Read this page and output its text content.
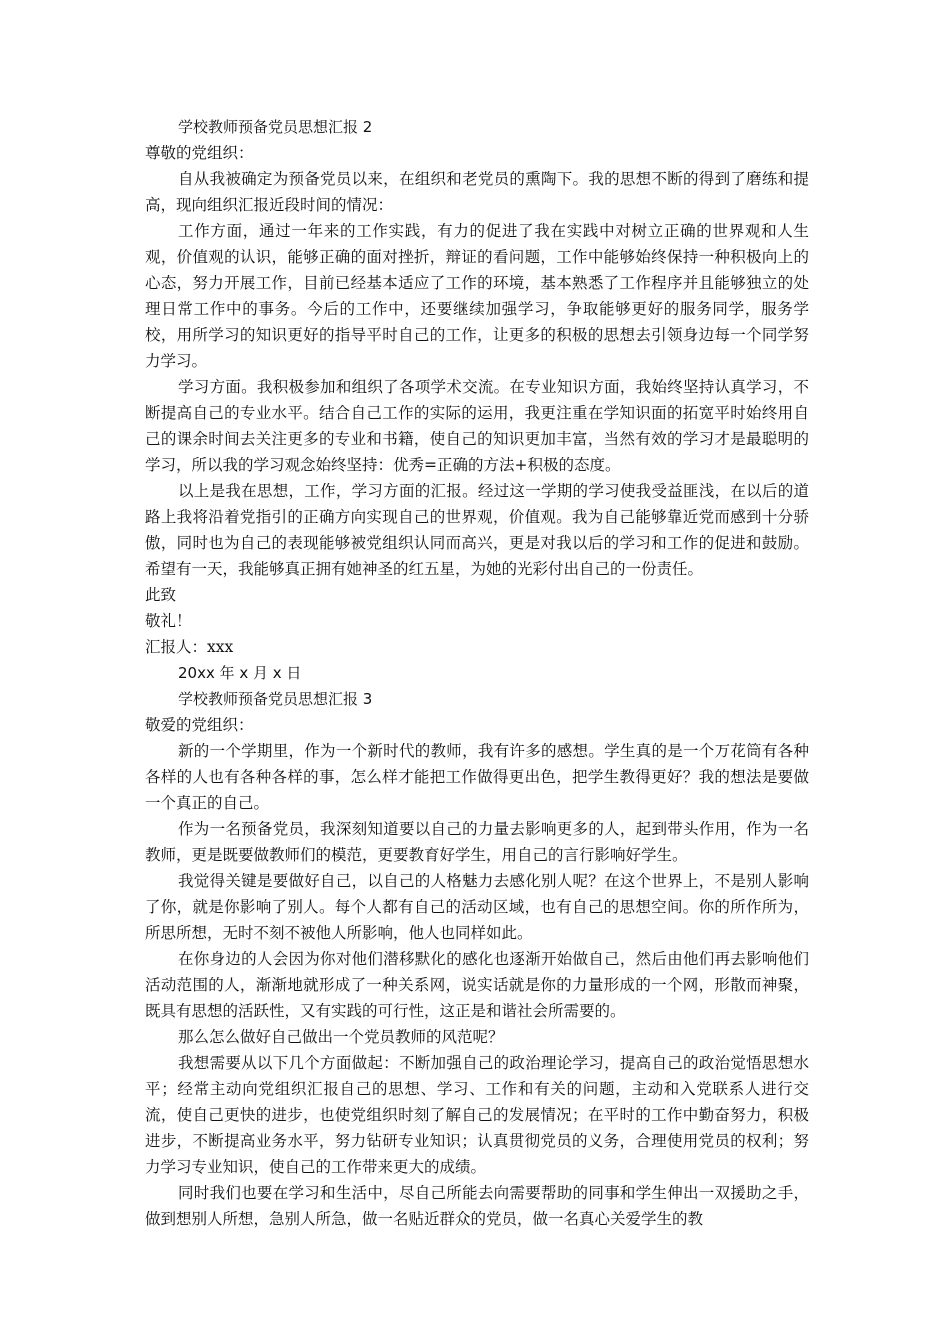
学校教师预备党员思想汇报 2

尊敬的党组织：

自从我被确定为预备党员以来，在组织和老党员的熏陶下。我的思想不断的得到了磨练和提高，现向组织汇报近段时间的情况：

工作方面，通过一年来的工作实践，有力的促进了我在实践中对树立正确的世界观和人生观，价值观的认识，能够正确的面对挫折，辩证的看问题，工作中能够始终保持一种积极向上的心态，努力开展工作，目前已经基本适应了工作的环境，基本熟悉了工作程序并且能够独立的处理日常工作中的事务。今后的工作中，还要继续加强学习，争取能够更好的服务同学，服务学校，用所学习的知识更好的指导平时自己的工作，让更多的积极的思想去引领身边每一个同学努力学习。

学习方面。我积极参加和组织了各项学术交流。在专业知识方面，我始终坚持认真学习，不断提高自己的专业水平。结合自己工作的实际的运用，我更注重在学知识面的拓宽平时始终用自己的课余时间去关注更多的专业和书籍，使自己的知识更加丰富，当然有效的学习才是最聪明的学习，所以我的学习观念始终坚持：优秀=正确的方法+积极的态度。

以上是我在思想，工作，学习方面的汇报。经过这一学期的学习使我受益匪浅，在以后的道路上我将沿着党指引的正确方向实现自己的世界观，价值观。我为自己能够靠近党而感到十分骄傲，同时也为自己的表现能够被党组织认同而高兴，更是对我以后的学习和工作的促进和鼓励。希望有一天，我能够真正拥有她神圣的红五星，为她的光彩付出自己的一份责任。

此致

敬礼！

汇报人：xxx

20xx 年 x 月 x 日

学校教师预备党员思想汇报 3

敬爱的党组织：

新的一个学期里，作为一个新时代的教师，我有许多的感想。学生真的是一个万花筒有各种各样的人也有各种各样的事，怎么样才能把工作做得更出色，把学生教得更好？我的想法是要做一个真正的自己。

作为一名预备党员，我深刻知道要以自己的力量去影响更多的人，起到带头作用，作为一名教师，更是既要做教师们的模范，更要教育好学生，用自己的言行影响好学生。

我觉得关键是要做好自己，以自己的人格魅力去感化别人呢？在这个世界上，不是别人影响了你，就是你影响了别人。每个人都有自己的活动区域，也有自己的思想空间。你的所作所为，所思所想，无时不刻不被他人所影响，他人也同样如此。

在你身边的人会因为你对他们潜移默化的感化也逐渐开始做自己，然后由他们再去影响他们活动范围的人，渐渐地就形成了一种关系网，说实话就是你的力量形成的一个网，形散而神聚，既具有思想的活跃性，又有实践的可行性，这正是和谐社会所需要的。

那么怎么做好自己做出一个党员教师的风范呢？

我想需要从以下几个方面做起：不断加强自己的政治理论学习，提高自己的政治觉悟思想水平；经常主动向党组织汇报自己的思想、学习、工作和有关的问题，主动和入党联系人进行交流，使自己更快的进步，也使党组织时刻了解自己的发展情况；在平时的工作中勤奋努力，积极进步，不断提高业务水平，努力钻研专业知识；认真贯彻党员的义务，合理使用党员的权利；努力学习专业知识，使自己的工作带来更大的成绩。

同时我们也要在学习和生活中，尽自己所能去向需要帮助的同事和学生伸出一双援助之手，做到想别人所想，急别人所急，做一名贴近群众的党员，做一名真心关爱学生的教
